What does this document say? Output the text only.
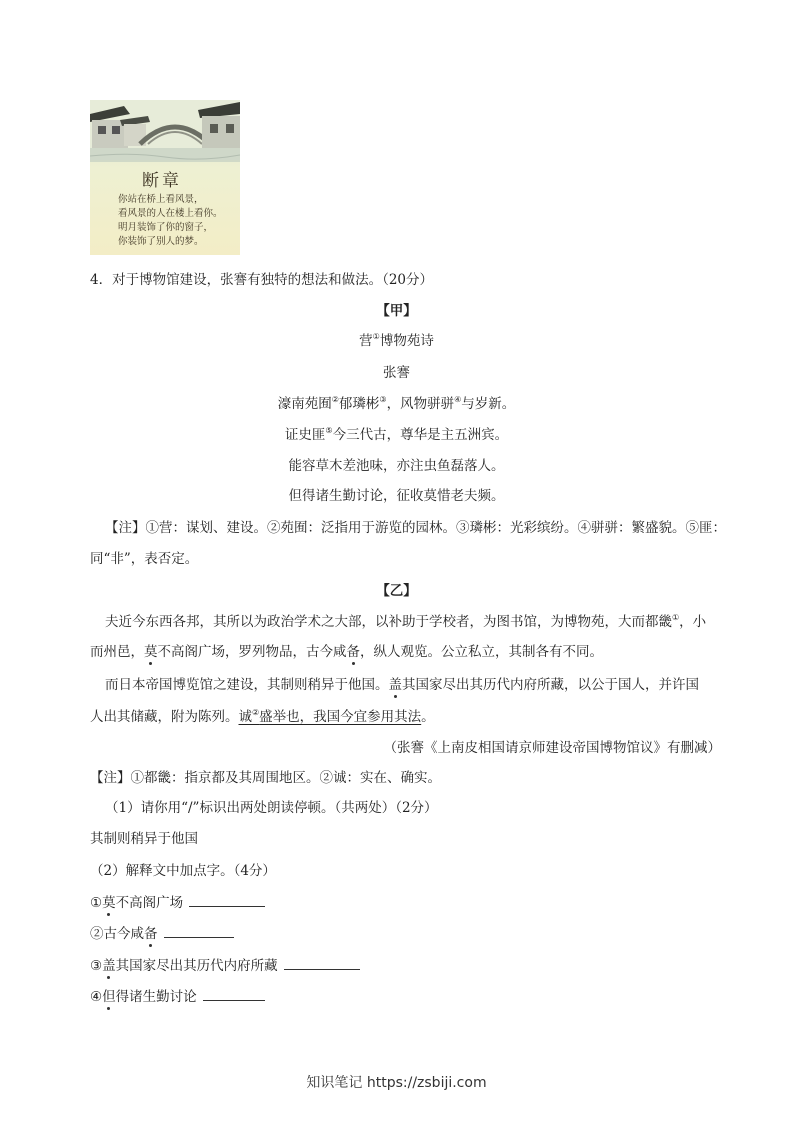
断章
你站在桥上看风景，
看风景的人在楼上看你。
明月装饰了你的窗子，
你装饰了别人的梦。
4．对于博物馆建设，张謇有独特的想法和做法。（20分）
【甲】
营①博物苑诗
张謇
濠南苑囿②郁璘彬③，风物骈骈④与岁新。
证史匪⑤今三代古，尊华是主五洲宾。
能容草木差池味，亦注虫鱼磊落人。
但得诸生勤讨论，征收莫惜老夫频。
【注】①营：谋划、建设。②苑囿：泛指用于游览的园林。③璘彬：光彩缤纷。④骈骈：繁盛貌。⑤匪：
同“非”，表否定。
【乙】
夫近今东西各邦，其所以为政治学术之大部，以补助于学校者，为图书馆，为博物苑，大而都畿①，小
而州邑，莫不高阁广场，罗列物品，古今咸备，纵人观览。公立私立，其制各有不同。
而日本帝国博览馆之建设，其制则稍异于他国。盖其国家尽出其历代内府所藏，以公于国人，并许国
人出其储藏，附为陈列。诚②盛举也，我国今宜参用其法。
（张謇《上南皮相国请京师建设帝国博物馆议》有删减）
【注】①都畿：指京都及其周围地区。②诚：实在、确实。
（1）请你用“/”标识出两处朗读停顿。（共两处）（2分）
其制则稍异于他国
（2）解释文中加点字。（4分）
①莫不高阁广场
②古今咸备
③盖其国家尽出其历代内府所藏
④但得诸生勤讨论
知识笔记 https://zsbiji.com
